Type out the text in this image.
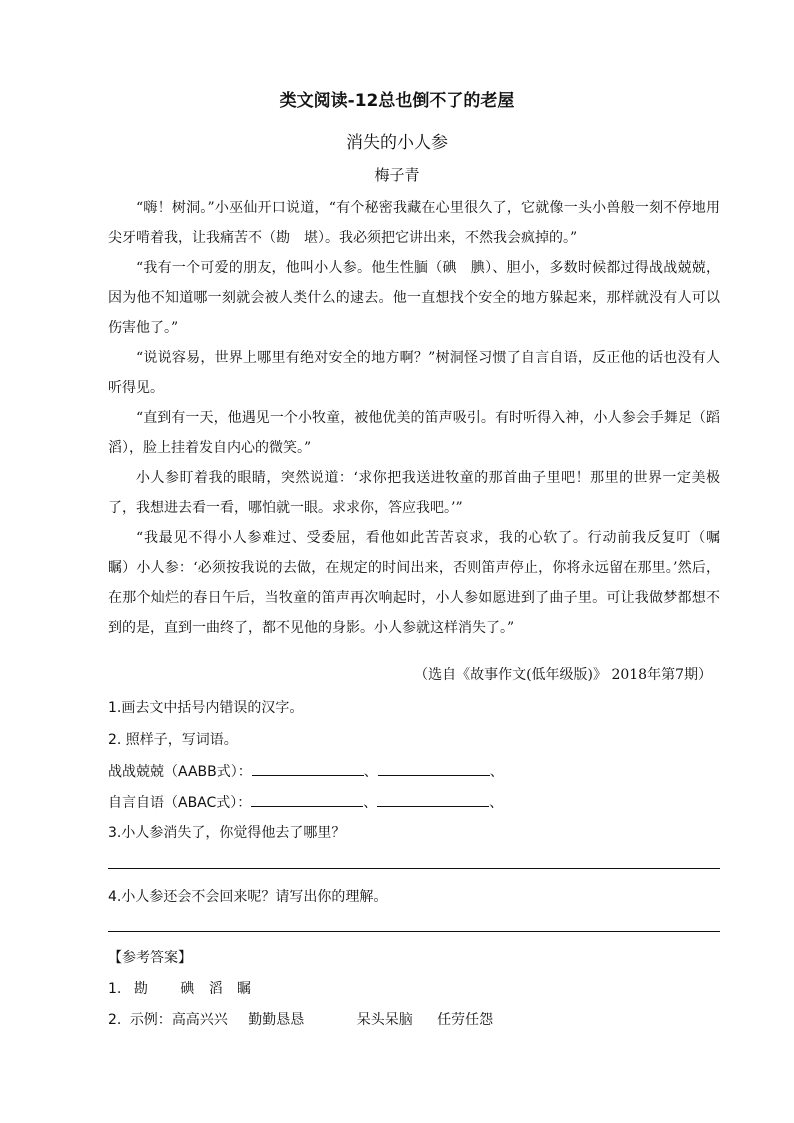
类文阅读-12总也倒不了的老屋
消失的小人参
梅子青

“嗨！树洞。”小巫仙开口说道，“有个秘密我藏在心里很久了，它就像一头小兽般一刻不停地用尖牙啃着我，让我痛苦不（勘　堪）。我必须把它讲出来，不然我会疯掉的。”

“我有一个可爱的朋友，他叫小人参。他生性腼（碘　腆）、胆小，多数时候都过得战战兢兢，因为他不知道哪一刻就会被人类什么的逮去。他一直想找个安全的地方躲起来，那样就没有人可以伤害他了。”

“说说容易，世界上哪里有绝对安全的地方啊？”树洞怪习惯了自言自语，反正他的话也没有人听得见。

“直到有一天，他遇见一个小牧童，被他优美的笛声吸引。有时听得入神，小人参会手舞足（蹈　滔），脸上挂着发自内心的微笑。”

小人参盯着我的眼睛，突然说道：‘求你把我送进牧童的那首曲子里吧！那里的世界一定美极了，我想进去看一看，哪怕就一眼。求求你，答应我吧。’”

“我最见不得小人参难过、受委屈，看他如此苦苦哀求，我的心软了。行动前我反复叮（嘱　瞩）小人参：‘必须按我说的去做，在规定的时间出来，否则笛声停止，你将永远留在那里。’然后，在那个灿烂的春日午后，当牧童的笛声再次响起时，小人参如愿进到了曲子里。可让我做梦都想不到的是，直到一曲终了，都不见他的身影。小人参就这样消失了。”

（选自《故事作文(低年级版)》 2018年第7期）
1.画去文中括号内错误的汉字。
2. 照样子，写词语。
战战兢兢（AABB式）：	、	、
自言自语（ABAC式）：	、	、
3.小人参消失了，你觉得他去了哪里？
4.小人参还会不会回来呢？请写出你的理解。
【参考答案】
1. 勘 碘 滔 瞩
2. 示例：高高兴兴 勤勤恳恳	呆头呆脑 任劳任怨
